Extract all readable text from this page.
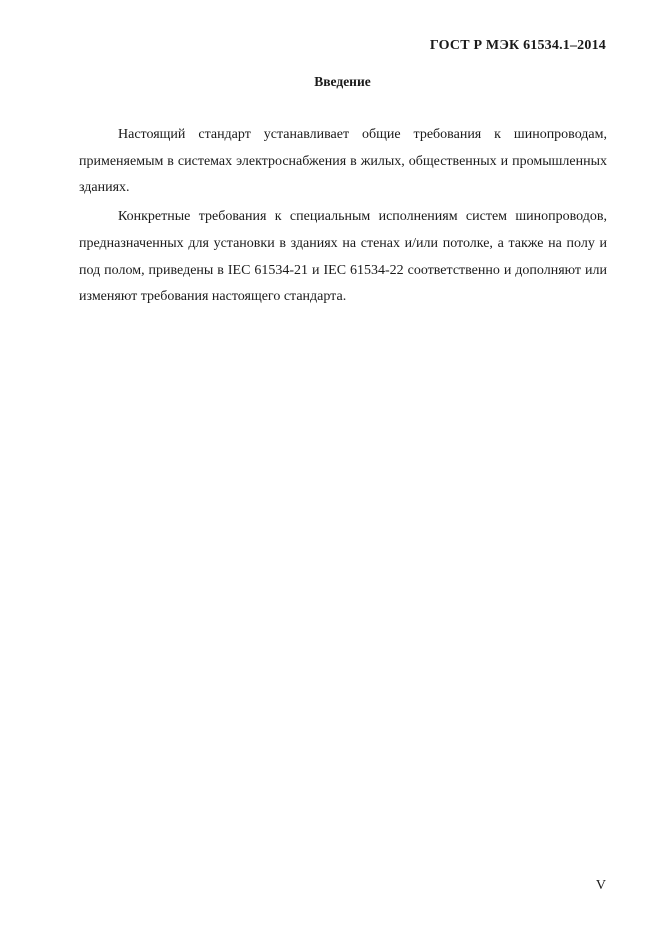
ГОСТ Р МЭК 61534.1–2014
Введение

Настоящий стандарт устанавливает общие требования к шинопроводам, применяемым в системах электроснабжения в жилых, общественных и промышленных зданиях.

Конкретные требования к специальным исполнениям систем шинопроводов, предназначенных для установки в зданиях на стенах и/или потолке, а также на полу и под полом, приведены в IEC 61534-21 и IEC 61534-22 соответственно и дополняют или изменяют требования настоящего стандарта.

V
